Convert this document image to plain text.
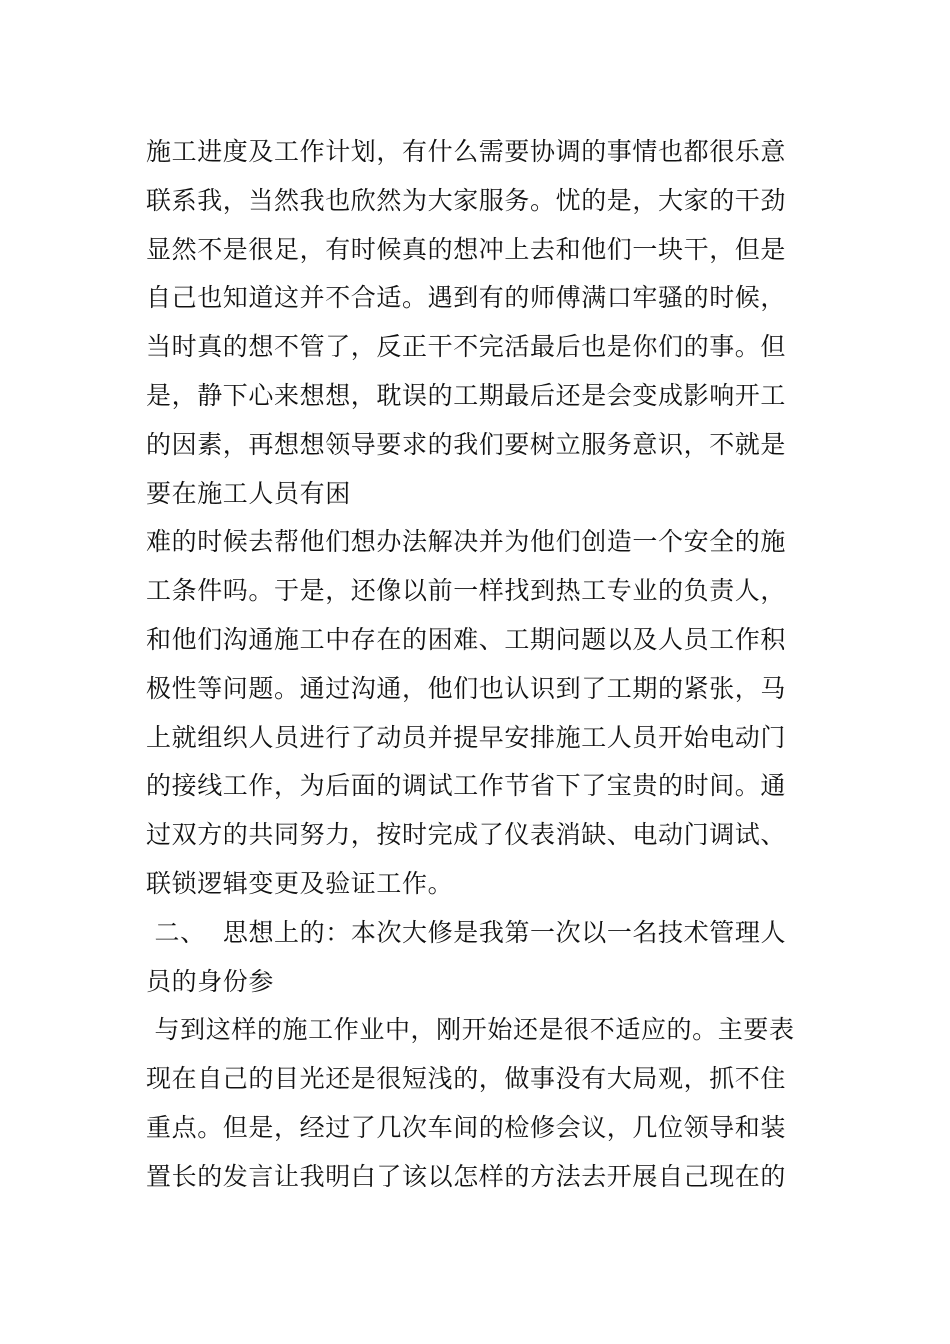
施工进度及工作计划，有什么需要协调的事情也都很乐意
联系我，当然我也欣然为大家服务。忧的是，大家的干劲
显然不是很足，有时候真的想冲上去和他们一块干，但是
自己也知道这并不合适。遇到有的师傅满口牢骚的时候，
当时真的想不管了，反正干不完活最后也是你们的事。但
是，静下心来想想，耽误的工期最后还是会变成影响开工
的因素，再想想领导要求的我们要树立服务意识，不就是
要在施工人员有困
难的时候去帮他们想办法解决并为他们创造一个安全的施
工条件吗。于是，还像以前一样找到热工专业的负责人，
和他们沟通施工中存在的困难、工期问题以及人员工作积
极性等问题。通过沟通，他们也认识到了工期的紧张，马
上就组织人员进行了动员并提早安排施工人员开始电动门
的接线工作，为后面的调试工作节省下了宝贵的时间。通
过双方的共同努力，按时完成了仪表消缺、电动门调试、
联锁逻辑变更及验证工作。
二、  思想上的：本次大修是我第一次以一名技术管理人
员的身份参
与到这样的施工作业中，刚开始还是很不适应的。主要表
现在自己的目光还是很短浅的，做事没有大局观，抓不住
重点。但是，经过了几次车间的检修会议，几位领导和装
置长的发言让我明白了该以怎样的方法去开展自己现在的
